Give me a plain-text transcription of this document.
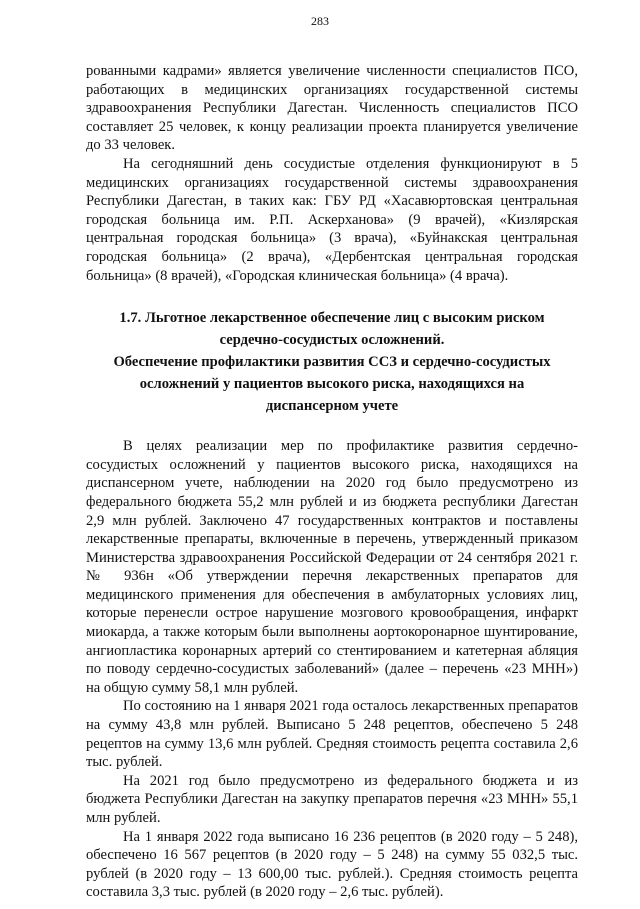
283

рованными кадрами» является увеличение численности специалистов ПСО, работающих в медицинских организациях государственной системы здравоохранения Республики Дагестан. Численность специалистов ПСО составляет 25 человек, к концу реализации проекта планируется увеличение до 33 человек.

На сегодняшний день сосудистые отделения функционируют в 5 медицинских организациях государственной системы здравоохранения Республики Дагестан, в таких как: ГБУ РД «Хасавюртовская центральная городская больница им. Р.П. Аскерханова» (9 врачей), «Кизлярская центральная городская больница» (3 врача), «Буйнакская центральная городская больница» (2 врача), «Дербентская центральная городская больница» (8 врачей), «Городская клиническая больница» (4 врача).

1.7. Льготное лекарственное обеспечение лиц с высоким риском
сердечно-сосудистых осложнений.
Обеспечение профилактики развития ССЗ и сердечно-сосудистых
осложнений у пациентов высокого риска, находящихся на
диспансерном учете

В целях реализации мер по профилактике развития сердечно-сосудистых осложнений у пациентов высокого риска, находящихся на диспансерном учете, наблюдении на 2020 год было предусмотрено из федерального бюджета 55,2 млн рублей и из бюджета республики Дагестан 2,9 млн рублей. Заключено 47 государственных контрактов и поставлены лекарственные препараты, включенные в перечень, утвержденный приказом Министерства здравоохранения Российской Федерации от 24 сентября 2021 г. № 936н «Об утверждении перечня лекарственных препаратов для медицинского применения для обеспечения в амбулаторных условиях лиц, которые перенесли острое нарушение мозгового кровообращения, инфаркт миокарда, а также которым были выполнены аортокоронарное шунтирование, ангиопластика коронарных артерий со стентированием и катетерная абляция по поводу сердечно-сосудистых заболеваний» (далее – перечень «23 МНН») на общую сумму 58,1 млн рублей.

По состоянию на 1 января 2021 года осталось лекарственных препаратов на сумму 43,8 млн рублей. Выписано 5 248 рецептов, обеспечено 5 248 рецептов на сумму 13,6 млн рублей. Средняя стоимость рецепта составила 2,6 тыс. рублей.

На 2021 год было предусмотрено из федерального бюджета и из бюджета Республики Дагестан на закупку препаратов перечня «23 МНН» 55,1 млн рублей.

На 1 января 2022 года выписано 16 236 рецептов (в 2020 году – 5 248), обеспечено 16 567 рецептов (в 2020 году – 5 248) на сумму 55 032,5 тыс. рублей (в 2020 году – 13 600,00 тыс. рублей.). Средняя стоимость рецепта составила 3,3 тыс. рублей (в 2020 году – 2,6 тыс. рублей).
